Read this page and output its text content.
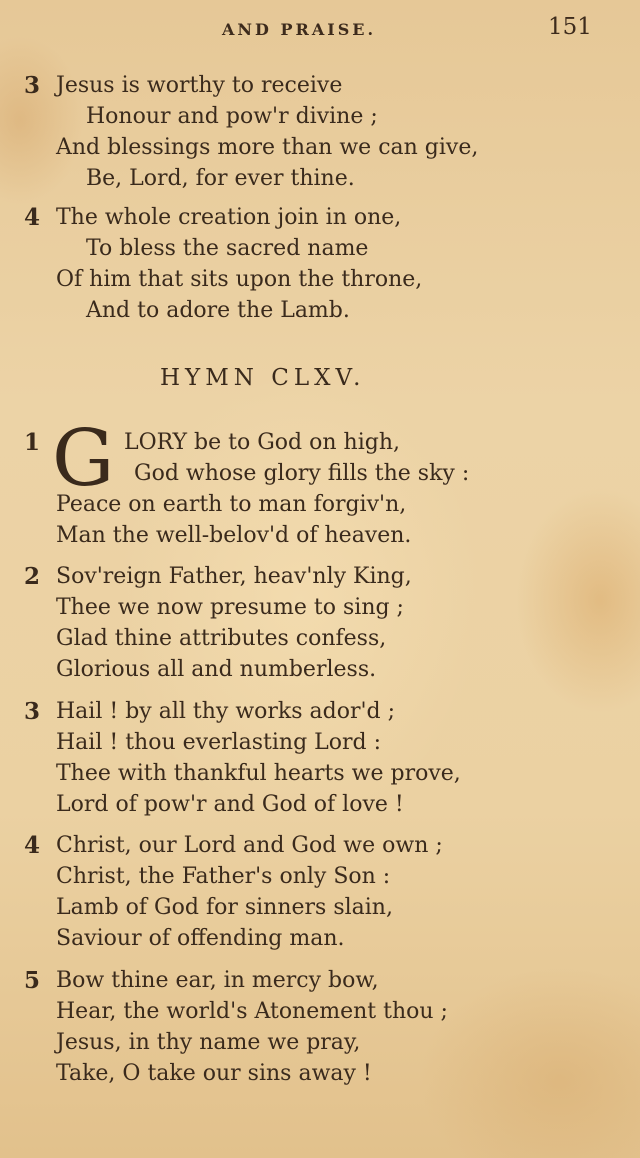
AND PRAISE.	151
3 Jesus is worthy to receive
Honour and pow'r divine ;
And blessings more than we can give,
Be, Lord, for ever thine.
4 The whole creation join in one,
To bless the sacred name
Of him that sits upon the throne,
And to adore the Lamb.
HYMN CLXV.
G
1	LORY be to God on high,
God whose glory fills the sky :
Peace on earth to man forgiv'n,
Man the well-belov'd of heaven.
2 Sov'reign Father, heav'nly King,
Thee we now presume to sing ;
Glad thine attributes confess,
Glorious all and numberless.
3 Hail ! by all thy works ador'd ;
Hail ! thou everlasting Lord :
Thee with thankful hearts we prove,
Lord of pow'r and God of love !
4 Christ, our Lord and God we own ;
Christ, the Father's only Son :
Lamb of God for sinners slain,
Saviour of offending man.
5 Bow thine ear, in mercy bow,
Hear, the world's Atonement thou ;
Jesus, in thy name we pray,
Take, O take our sins away !
